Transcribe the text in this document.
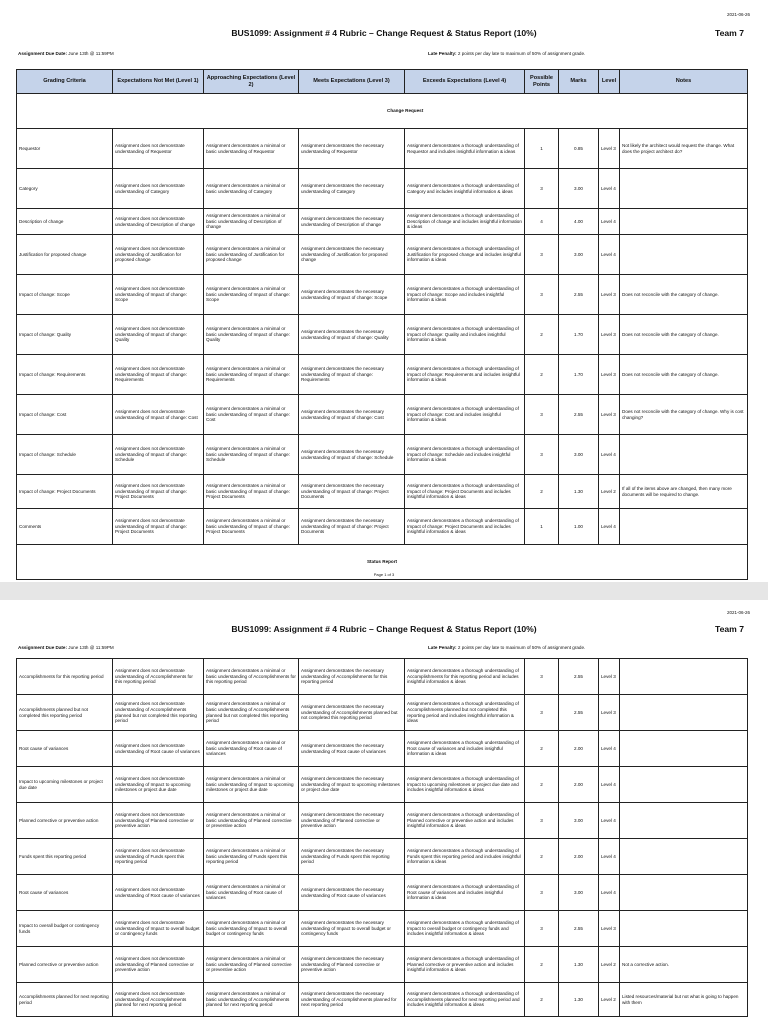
2021-06-26
BUS1099: Assignment # 4 Rubric – Change Request & Status Report (10%)	Team 7
Assignment Due Date: June 13th @ 11:59PM	Late Penalty: 2 points per day late to maximum of 50% of assignment grade.
Grading Criteria	Expectations Not Met (Level 1)	Approaching Expectations (Level 2)	Meets Expectations (Level 3)	Exceeds Expectations (Level 4)	Possible Points	Marks	Level	Notes
Change Request								
Requestor	Assignment does not demonstrate understanding of Requestor	Assignment demonstrates a minimal or basic understanding of Requestor	Assignment demonstrates the necessary understanding of Requestor	Assignment demonstrates a thorough understanding of Requestor and includes insightful information & ideas	1	0.85	Level 3	Not likely the architect would request the change. What does the project architect do?
Category	Assignment does not demonstrate understanding of Category	Assignment demonstrates a minimal or basic understanding of Category	Assignment demonstrates the necessary understanding of Category	Assignment demonstrates a thorough understanding of Category and includes insightful information & ideas	3	3.00	Level 4	
Description of change	Assignment does not demonstrate understanding of Description of change	Assignment demonstrates a minimal or basic understanding of Description of change	Assignment demonstrates the necessary understanding of Description of change	Assignment demonstrates a thorough understanding of Description of change and includes insightful information & ideas	4	4.00	Level 4	
Justification for proposed change	Assignment does not demonstrate understanding of Justification for proposed change	Assignment demonstrates a minimal or basic understanding of Justification for proposed change	Assignment demonstrates the necessary understanding of Justification for proposed change	Assignment demonstrates a thorough understanding of Justification for proposed change and includes insightful information & ideas	3	3.00	Level 4	
Impact of change: Scope	Assignment does not demonstrate understanding of Impact of change: Scope	Assignment demonstrates a minimal or basic understanding of Impact of change: Scope	Assignment demonstrates the necessary understanding of Impact of change: Scope	Assignment demonstrates a thorough understanding of Impact of change: Scope and includes insightful information & ideas	3	2.55	Level 3	Does not reconcile with the category of change.
Impact of change: Quality	Assignment does not demonstrate understanding of Impact of change: Quality	Assignment demonstrates a minimal or basic understanding of Impact of change: Quality	Assignment demonstrates the necessary understanding of Impact of change: Quality	Assignment demonstrates a thorough understanding of Impact of change: Quality and includes insightful information & ideas	2	1.70	Level 3	Does not reconcile with the category of change.
Impact of change: Requirements	Assignment does not demonstrate understanding of Impact of change: Requirements	Assignment demonstrates a minimal or basic understanding of Impact of change: Requirements	Assignment demonstrates the necessary understanding of Impact of change: Requirements	Assignment demonstrates a thorough understanding of Impact of change: Requirements and includes insightful information & ideas	2	1.70	Level 3	Does not reconcile with the category of change.
Impact of change: Cost	Assignment does not demonstrate understanding of Impact of change: Cost	Assignment demonstrates a minimal or basic understanding of Impact of change: Cost	Assignment demonstrates the necessary understanding of Impact of change: Cost	Assignment demonstrates a thorough understanding of Impact of change: Cost and includes insightful information & ideas	3	2.55	Level 3	Does not reconcile with the category of change. Why is cost changing?
Impact of change: Schedule	Assignment does not demonstrate understanding of Impact of change: Schedule	Assignment demonstrates a minimal or basic understanding of Impact of change: Schedule	Assignment demonstrates the necessary understanding of Impact of change: Schedule	Assignment demonstrates a thorough understanding of Impact of change: Schedule and includes insightful information & ideas	3	3.00	Level 4	
Impact of change: Project Documents	Assignment does not demonstrate understanding of Impact of change: Project Documents	Assignment demonstrates a minimal or basic understanding of Impact of change: Project Documents	Assignment demonstrates the necessary understanding of Impact of change: Project Documents	Assignment demonstrates a thorough understanding of Impact of change: Project Documents and includes insightful information & ideas	2	1.30	Level 2	If all of the items above are changed, then many more documents will be required to change.
Comments	Assignment does not demonstrate understanding of Impact of change: Project Documents	Assignment demonstrates a minimal or basic understanding of Impact of change: Project Documents	Assignment demonstrates the necessary understanding of Impact of change: Project Documents	Assignment demonstrates a thorough understanding of Impact of change: Project Documents and includes insightful information & ideas	1	1.00	Level 4	
Status Report								
Page 1 of 3
2021-06-26
BUS1099: Assignment # 4 Rubric – Change Request & Status Report (10%)	Team 7
Assignment Due Date: June 13th @ 11:59PM	Late Penalty: 2 points per day late to maximum of 50% of assignment grade.
Accomplishments for this reporting period	Assignment does not demonstrate understanding of Accomplishments for this reporting period	Assignment demonstrates a minimal or basic understanding of Accomplishments for this reporting period	Assignment demonstrates the necessary understanding of Accomplishments for this reporting period	Assignment demonstrates a thorough understanding of Accomplishments for this reporting period and includes insightful information & ideas	3	2.55	Level 3	
Accomplishments planned but not completed this reporting period	Assignment does not demonstrate understanding of Accomplishments planned but not completed this reporting period	Assignment demonstrates a minimal or basic understanding of Accomplishments planned but not completed this reporting period	Assignment demonstrates the necessary understanding of Accomplishments planned but not completed this reporting period	Assignment demonstrates a thorough understanding of Accomplishments planned but not completed this reporting period and includes insightful information & ideas	3	2.55	Level 3	
Root cause of variances	Assignment does not demonstrate understanding of Root cause of variances	Assignment demonstrates a minimal or basic understanding of Root cause of variances	Assignment demonstrates the necessary understanding of Root cause of variances	Assignment demonstrates a thorough understanding of Root cause of variances and includes insightful information & ideas	2	2.00	Level 4	
Impact to upcoming milestones or project due date	Assignment does not demonstrate understanding of Impact to upcoming milestones or project due date	Assignment demonstrates a minimal or basic understanding of Impact to upcoming milestones or project due date	Assignment demonstrates the necessary understanding of Impact to upcoming milestones or project due date	Assignment demonstrates a thorough understanding of Impact to upcoming milestones or project due date and includes insightful information & ideas	2	2.00	Level 4	
Planned corrective or preventive action	Assignment does not demonstrate understanding of Planned corrective or preventive action	Assignment demonstrates a minimal or basic understanding of Planned corrective or preventive action	Assignment demonstrates the necessary understanding of Planned corrective or preventive action	Assignment demonstrates a thorough understanding of Planned corrective or preventive action and includes insightful information & ideas	3	3.00	Level 4	
Funds spent this reporting period	Assignment does not demonstrate understanding of Funds spent this reporting period	Assignment demonstrates a minimal or basic understanding of Funds spent this reporting period	Assignment demonstrates the necessary understanding of Funds spent this reporting period	Assignment demonstrates a thorough understanding of Funds spent this reporting period and includes insightful information & ideas	2	2.00	Level 4	
Root cause of variances	Assignment does not demonstrate understanding of Root cause of variances	Assignment demonstrates a minimal or basic understanding of Root cause of variances	Assignment demonstrates the necessary understanding of Root cause of variances	Assignment demonstrates a thorough understanding of Root cause of variances and includes insightful information & ideas	3	3.00	Level 4	
Impact to overall budget or contingency funds	Assignment does not demonstrate understanding of Impact to overall budget or contingency funds	Assignment demonstrates a minimal or basic understanding of Impact to overall budget or contingency funds	Assignment demonstrates the necessary understanding of Impact to overall budget or contingency funds	Assignment demonstrates a thorough understanding of Impact to overall budget or contingency funds and includes insightful information & ideas	3	2.55	Level 3	
Planned corrective or preventive action	Assignment does not demonstrate understanding of Planned corrective or preventive action	Assignment demonstrates a minimal or basic understanding of Planned corrective or preventive action	Assignment demonstrates the necessary understanding of Planned corrective or preventive action	Assignment demonstrates a thorough understanding of Planned corrective or preventive action and includes insightful information & ideas	2	1.30	Level 2	Not a corrective action.
Accomplishments planned for next reporting period	Assignment does not demonstrate understanding of Accomplishments planned for next reporting period	Assignment demonstrates a minimal or basic understanding of Accomplishments planned for next reporting period	Assignment demonstrates the necessary understanding of Accomplishments planned for next reporting period	Assignment demonstrates a thorough understanding of Accomplishments planned for next reporting period and includes insightful information & ideas	2	1.30	Level 2	Listed resources/material but not what is going to happen with them
